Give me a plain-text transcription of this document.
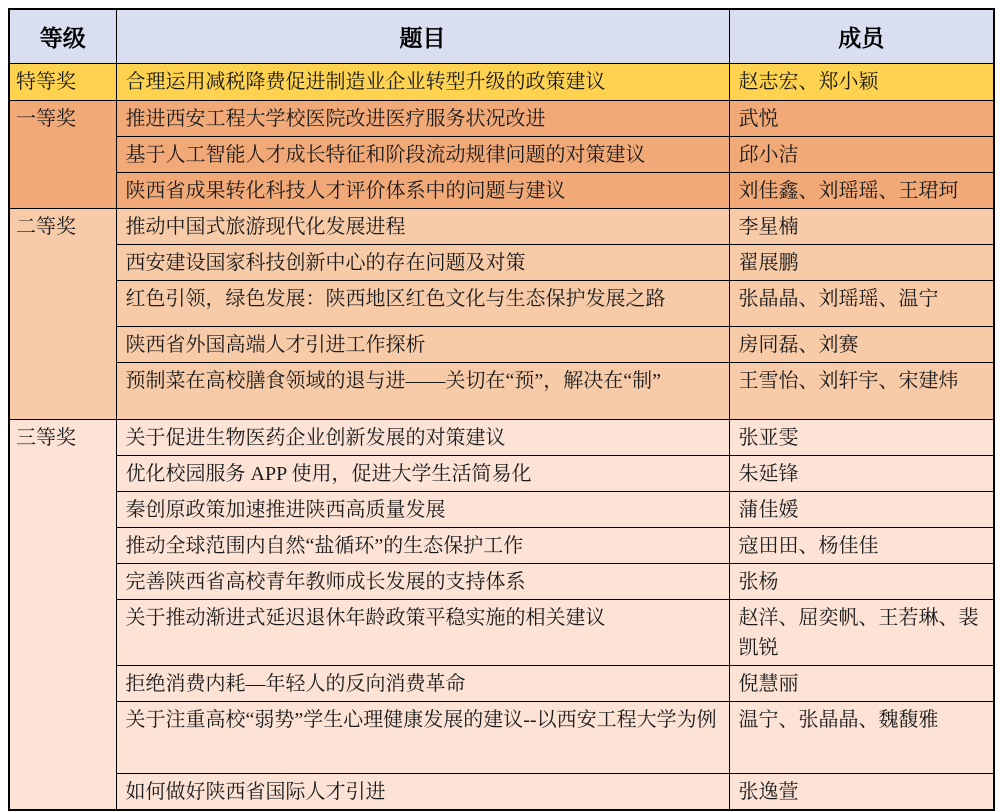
等级	题目	成员
特等奖	合理运用减税降费促进制造业企业转型升级的政策建议	赵志宏、郑小颖
一等奖	推进西安工程大学校医院改进医疗服务状况改进	武悦
	基于人工智能人才成长特征和阶段流动规律问题的对策建议	邱小洁
	陕西省成果转化科技人才评价体系中的问题与建议	刘佳鑫、刘瑶瑶、王珺珂
二等奖	推动中国式旅游现代化发展进程	李星楠
	西安建设国家科技创新中心的存在问题及对策	翟展鹏
	红色引领，绿色发展：陕西地区红色文化与生态保护发展之路	张晶晶、刘瑶瑶、温宁
	陕西省外国高端人才引进工作探析	房同磊、刘赛
	预制菜在高校膳食领域的退与进——关切在“预”，解决在“制”	王雪怡、刘轩宇、宋建炜
三等奖	关于促进生物医药企业创新发展的对策建议	张亚雯
	优化校园服务 APP 使用，促进大学生活简易化	朱延锋
	秦创原政策加速推进陕西高质量发展	蒲佳媛
	推动全球范围内自然“盐循环”的生态保护工作	寇田田、杨佳佳
	完善陕西省高校青年教师成长发展的支持体系	张杨
	关于推动渐进式延迟退休年龄政策平稳实施的相关建议	赵洋、屈奕帆、王若琳、裴凯锐
	拒绝消费内耗—年轻人的反向消费革命	倪慧丽
	关于注重高校“弱势”学生心理健康发展的建议--以西安工程大学为例	温宁、张晶晶、魏馥雅
	如何做好陕西省国际人才引进	张逸萱
